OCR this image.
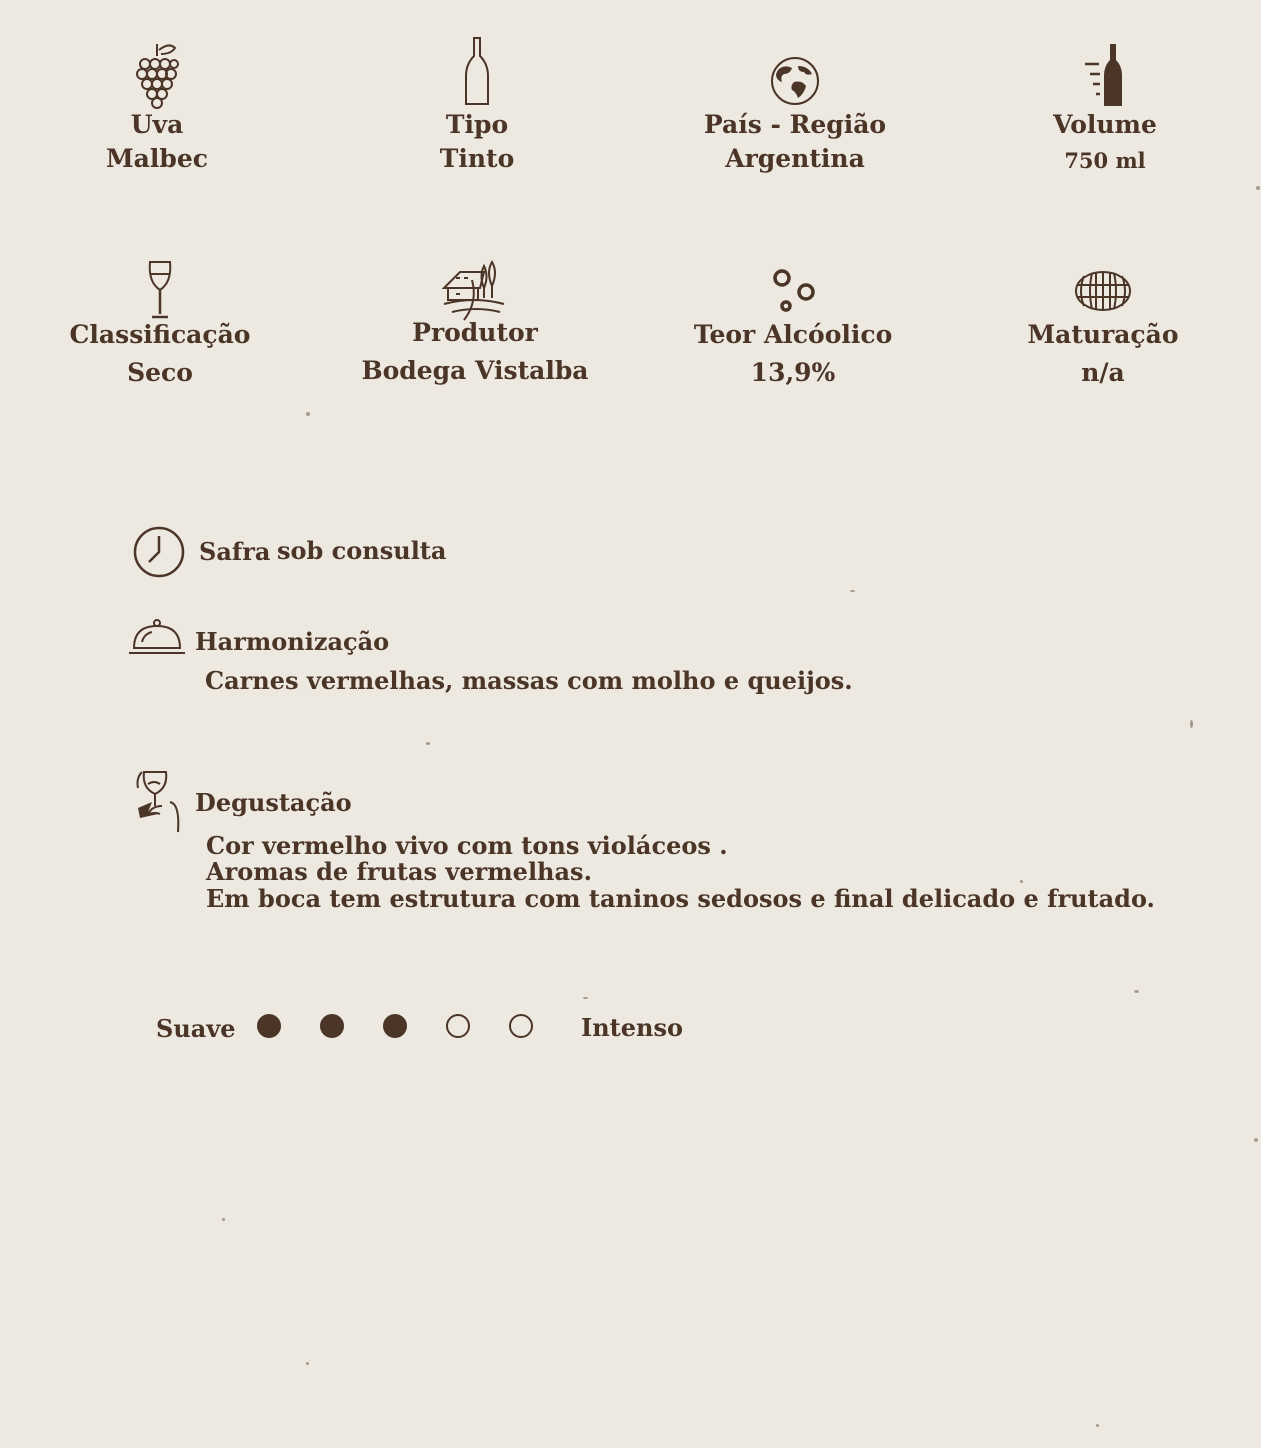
Uva
Malbec
Tipo
Tinto
País - Região
Argentina
Volume
750 ml
Classificação
Seco
Produtor
Bodega Vistalba
Teor Alcóolico
13,9%
Maturação
n/a
Safra sob consulta
Harmonização
Carnes vermelhas, massas com molho e queijos.
Degustação
Cor vermelho vivo com tons violáceos .
Aromas de frutas vermelhas.
Em boca tem estrutura com taninos sedosos e final delicado e frutado.
Suave	Intenso
